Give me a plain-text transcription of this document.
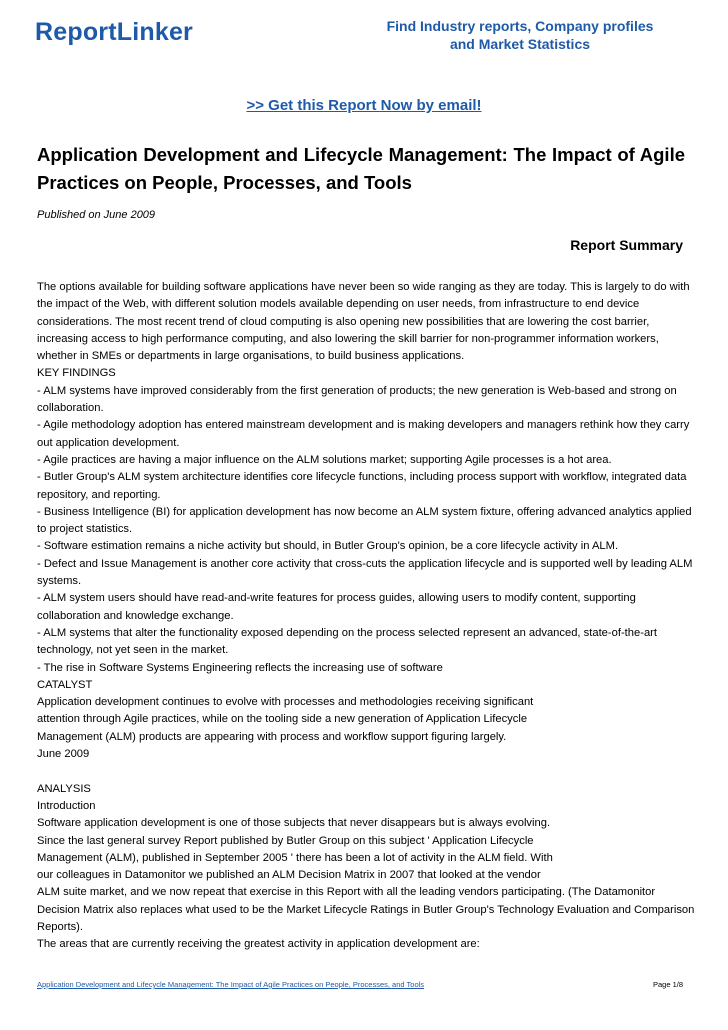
ReportLinker	Find Industry reports, Company profiles
and Market Statistics
>> Get this Report Now by email!
Application Development and Lifecycle Management: The Impact of Agile Practices on People, Processes, and Tools
Published on June 2009
Report Summary
The options available for building software applications have never been so wide ranging as they are today. This is largely to do with
the impact of the Web, with different solution models available depending on user needs, from infrastructure to end device
considerations. The most recent trend of cloud computing is also opening new possibilities that are lowering the cost barrier,
increasing access to high performance computing, and also lowering the skill barrier for non-programmer information workers,
whether in SMEs or departments in large organisations, to build business applications.
KEY FINDINGS
- ALM systems have improved considerably from the first generation of products; the new generation is Web-based and strong on
collaboration.
- Agile methodology adoption has entered mainstream development and is making developers and managers rethink how they carry
out application development.
- Agile practices are having a major influence on the ALM solutions market; supporting Agile processes is a hot area.
- Butler Group's ALM system architecture identifies core lifecycle functions, including process support with workflow, integrated data
repository, and reporting.
- Business Intelligence (BI) for application development has now become an ALM system fixture, offering advanced analytics applied
to project statistics.
- Software estimation remains a niche activity but should, in Butler Group's opinion, be a core lifecycle activity in ALM.
- Defect and Issue Management is another core activity that cross-cuts the application lifecycle and is supported well by leading ALM
systems.
- ALM system users should have read-and-write features for process guides, allowing users to modify content, supporting
collaboration and knowledge exchange.
- ALM systems that alter the functionality exposed depending on the process selected represent an advanced, state-of-the-art
technology, not yet seen in the market.
- The rise in Software Systems Engineering reflects the increasing use of software
CATALYST
Application development continues to evolve with processes and methodologies receiving significant
attention through Agile practices, while on the tooling side a new generation of Application Lifecycle
Management (ALM) products are appearing with process and workflow support figuring largely.
June 2009
ANALYSIS
Introduction
Software application development is one of those subjects that never disappears but is always evolving.
Since the last general survey Report published by Butler Group on this subject ' Application Lifecycle
Management (ALM), published in September 2005 ' there has been a lot of activity in the ALM field. With
our colleagues in Datamonitor we published an ALM Decision Matrix in 2007 that looked at the vendor
ALM suite market, and we now repeat that exercise in this Report with all the leading vendors participating. (The Datamonitor
Decision Matrix also replaces what used to be the Market Lifecycle Ratings in Butler Group's Technology Evaluation and Comparison
Reports).
The areas that are currently receiving the greatest activity in application development are:
Application Development and Lifecycle Management: The Impact of Agile Practices on People, Processes, and Tools	Page 1/8
